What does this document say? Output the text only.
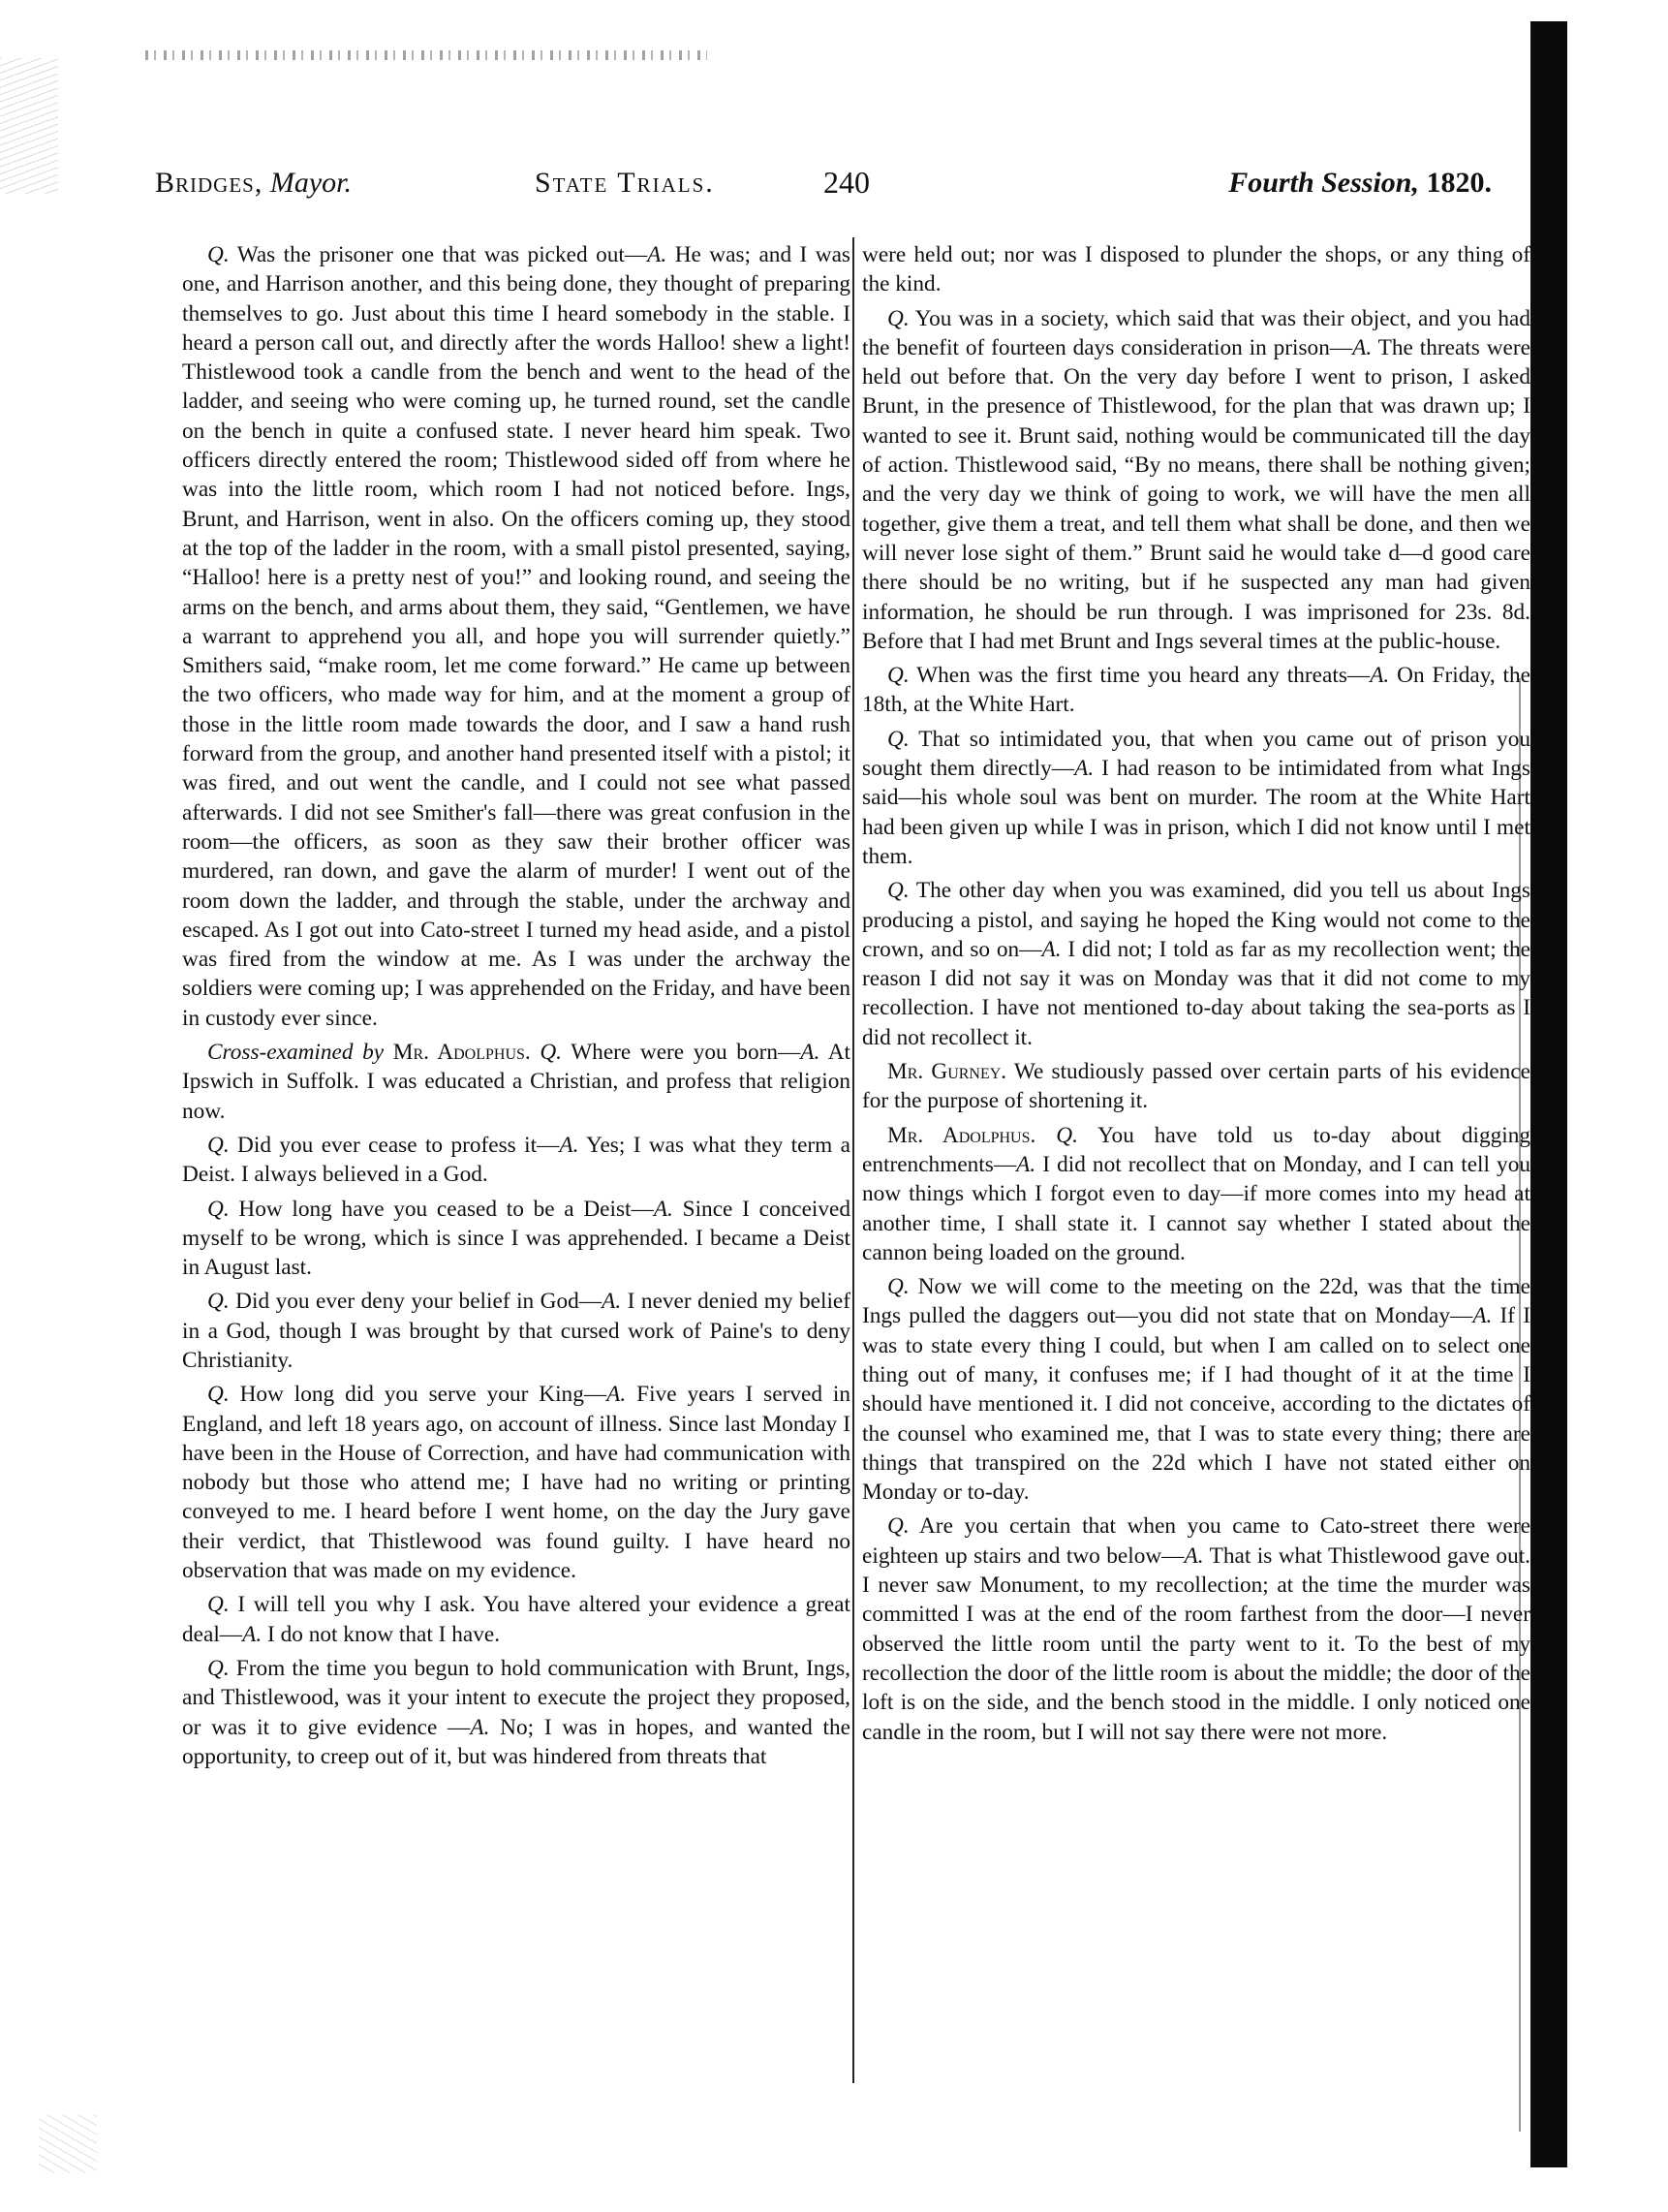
Bridges, Mayor.	State Trials.	240	Fourth Session, 1820.

Q. Was the prisoner one that was picked out—A. He was; and I was one, and Harrison another, and this being done, they thought of preparing themselves to go. Just about this time I heard somebody in the stable. I heard a person call out, and directly after the words Halloo! shew a light! Thistlewood took a candle from the bench and went to the head of the ladder, and seeing who were coming up, he turned round, set the candle on the bench in quite a confused state. I never heard him speak. Two officers directly entered the room; Thistlewood sided off from where he was into the little room, which room I had not noticed before. Ings, Brunt, and Harrison, went in also. On the officers coming up, they stood at the top of the ladder in the room, with a small pistol presented, saying, “Halloo! here is a pretty nest of you!” and looking round, and seeing the arms on the bench, and arms about them, they said, “Gentlemen, we have a warrant to apprehend you all, and hope you will surrender quietly.” Smithers said, “make room, let me come forward.” He came up between the two officers, who made way for him, and at the moment a group of those in the little room made towards the door, and I saw a hand rush forward from the group, and another hand presented itself with a pistol; it was fired, and out went the candle, and I could not see what passed afterwards. I did not see Smither's fall—there was great confusion in the room—the officers, as soon as they saw their brother officer was murdered, ran down, and gave the alarm of murder! I went out of the room down the ladder, and through the stable, under the archway and escaped. As I got out into Cato-street I turned my head aside, and a pistol was fired from the window at me. As I was under the archway the soldiers were coming up; I was apprehended on the Friday, and have been in custody ever since.

Cross-examined by Mr. Adolphus. Q. Where were you born—A. At Ipswich in Suffolk. I was educated a Christian, and profess that religion now.

Q. Did you ever cease to profess it—A. Yes; I was what they term a Deist. I always believed in a God.

Q. How long have you ceased to be a Deist—A. Since I conceived myself to be wrong, which is since I was apprehended. I became a Deist in August last.

Q. Did you ever deny your belief in God—A. I never denied my belief in a God, though I was brought by that cursed work of Paine's to deny Christianity.

Q. How long did you serve your King—A. Five years I served in England, and left 18 years ago, on account of illness. Since last Monday I have been in the House of Correction, and have had communication with nobody but those who attend me; I have had no writing or printing conveyed to me. I heard before I went home, on the day the Jury gave their verdict, that Thistlewood was found guilty. I have heard no observation that was made on my evidence.

Q. I will tell you why I ask. You have altered your evidence a great deal—A. I do not know that I have.

Q. From the time you begun to hold communication with Brunt, Ings, and Thistlewood, was it your intent to execute the project they proposed, or was it to give evidence —A. No; I was in hopes, and wanted the opportunity, to creep out of it, but was hindered from threats that

were held out; nor was I disposed to plunder the shops, or any thing of the kind.

Q. You was in a society, which said that was their object, and you had the benefit of fourteen days consideration in prison—A. The threats were held out before that. On the very day before I went to prison, I asked Brunt, in the presence of Thistlewood, for the plan that was drawn up; I wanted to see it. Brunt said, nothing would be communicated till the day of action. Thistlewood said, “By no means, there shall be nothing given; and the very day we think of going to work, we will have the men all together, give them a treat, and tell them what shall be done, and then we will never lose sight of them.” Brunt said he would take d—d good care there should be no writing, but if he suspected any man had given information, he should be run through. I was imprisoned for 23s. 8d. Before that I had met Brunt and Ings several times at the public-house.

Q. When was the first time you heard any threats—A. On Friday, the 18th, at the White Hart.

Q. That so intimidated you, that when you came out of prison you sought them directly—A. I had reason to be intimidated from what Ings said—his whole soul was bent on murder. The room at the White Hart had been given up while I was in prison, which I did not know until I met them.

Q. The other day when you was examined, did you tell us about Ings producing a pistol, and saying he hoped the King would not come to the crown, and so on—A. I did not; I told as far as my recollection went; the reason I did not say it was on Monday was that it did not come to my recollection. I have not mentioned to-day about taking the sea-ports as I did not recollect it.

Mr. Gurney. We studiously passed over certain parts of his evidence for the purpose of shortening it.

Mr. Adolphus. Q. You have told us to-day about digging entrenchments—A. I did not recollect that on Monday, and I can tell you now things which I forgot even to day—if more comes into my head at another time, I shall state it. I cannot say whether I stated about the cannon being loaded on the ground.

Q. Now we will come to the meeting on the 22d, was that the time Ings pulled the daggers out—you did not state that on Monday—A. If I was to state every thing I could, but when I am called on to select one thing out of many, it confuses me; if I had thought of it at the time I should have mentioned it. I did not conceive, according to the dictates of the counsel who examined me, that I was to state every thing; there are things that transpired on the 22d which I have not stated either on Monday or to-day.

Q. Are you certain that when you came to Cato-street there were eighteen up stairs and two below—A. That is what Thistlewood gave out. I never saw Monument, to my recollection; at the time the murder was committed I was at the end of the room farthest from the door—I never observed the little room until the party went to it. To the best of my recollection the door of the little room is about the middle; the door of the loft is on the side, and the bench stood in the middle. I only noticed one candle in the room, but I will not say there were not more.
